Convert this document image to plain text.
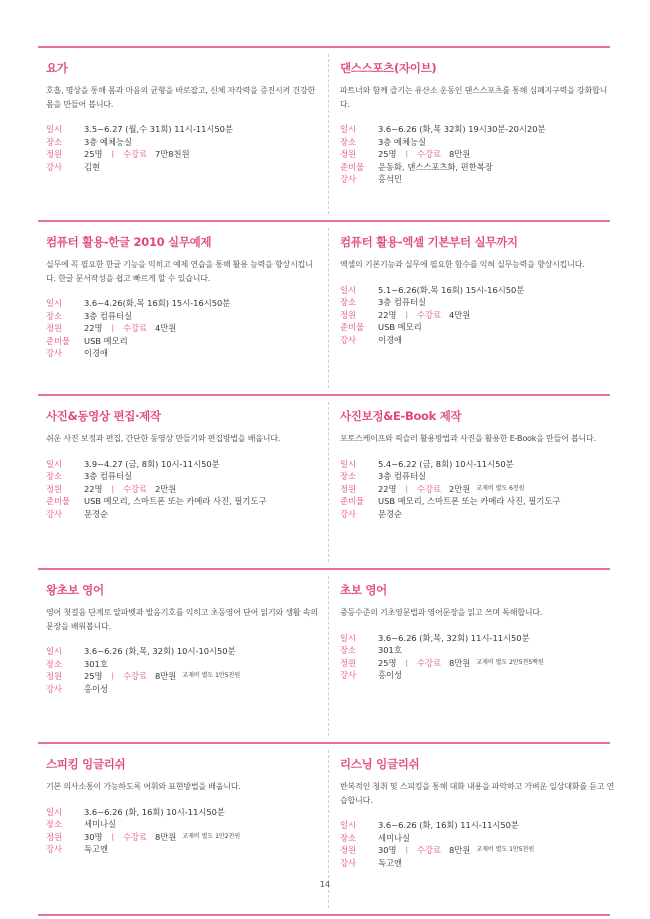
요가
호흡, 명상을 통해 몸과 마음의 균형을 바로잡고, 신체 자각력을 증진시켜 건강한 몸을 만들어 봅니다.
일시	3.5~6.27 (월,수 31회) 11시-11시50분
장소	3층 예체능실
정원	25명 | 수강료 7만8천원
강사	김현
댄스스포츠(자이브)
파트너와 함께 즐기는 유산소 운동인 댄스스포츠를 통해 심폐지구력을 강화합니다.
일시	3.6~6.26 (화,목 32회) 19시30분-20시20분
장소	3층 예체능실
정원	25명 | 수강료 8만원
준비물	운동화, 댄스스포츠화, 편한복장
강사	홍석민
컴퓨터 활용-한글 2010 실무예제
실무에 꼭 필요한 한글 기능을 익히고 예제 연습을 통해 활용 능력을 향상시킵니다. 한글 문서작성을 쉽고 빠르게 할 수 있습니다.
일시	3.6~4.26(화,목 16회) 15시-16시50분
장소	3층 컴퓨터실
정원	22명 | 수강료 4만원
준비물	USB 메모리
강사	이경애
컴퓨터 활용-엑셀 기본부터 실무까지
엑셀의 기본기능과 실무에 필요한 함수를 익혀 실무능력을 향상시킵니다.
일시	5.1~6.26(화,목 16회) 15시-16시50분
장소	3층 컴퓨터실
정원	22명 | 수강료 4만원
준비물	USB 메모리
강사	이경애
사진&동영상 편집·제작
쉬운 사진 보정과 편집, 간단한 동영상 만들기와 편집방법을 배웁니다.
일시	3.9~4.27 (금, 8회) 10시-11시50분
장소	3층 컴퓨터실
정원	22명 | 수강료 2만원
준비물	USB 메모리, 스마트폰 또는 카메라 사진, 필기도구
강사	문경순
사진보정&E-Book 제작
포토스케이프와 픽슬러 활용방법과 사진을 활용한 E-Book을 만들어 봅니다.
일시	5.4~6.22 (금, 8회) 10시-11시50분
장소	3층 컴퓨터실
정원	22명 | 수강료 2만원 교재비 별도 6천원
준비물	USB 메모리, 스마트폰 또는 카메라 사진, 필기도구
강사	문경순
왕초보 영어
영어 첫걸음 단계로 알파벳과 발음기호를 익히고 초등영어 단어 읽기와 생활 속의 문장을 배워봅니다.
일시	3.6~6.26 (화,목, 32회) 10시-10시50분
장소	301호
정원	25명 | 수강료 8만원 교재비 별도 1만5천원
강사	홍이성
초보 영어
중등수준의 기초영문법과 영어문장을 읽고 쓰며 독해합니다.
일시	3.6~6.26 (화,목, 32회) 11시-11시50분
장소	301호
정원	25명 | 수강료 8만원 교재비 별도 2만5천5백원
강사	홍이성
스피킹 잉글리쉬
기본 의사소통이 가능하도록 어휘와 표현방법을 배웁니다.
일시	3.6~6.26 (화, 16회) 10시-11시50분
장소	세미나실
정원	30명 | 수강료 8만원 교재비 별도 1만2천원
강사	독고엔
리스닝 잉글리쉬
반복적인 청취 및 스피킹을 통해 대화 내용을 파악하고 가벼운 일상대화를 듣고 연습합니다.
일시	3.6~6.26 (화, 16회) 11시-11시50분
장소	세미나실
정원	30명 | 수강료 8만원 교재비 별도 1만5천원
강사	독고엔
14
